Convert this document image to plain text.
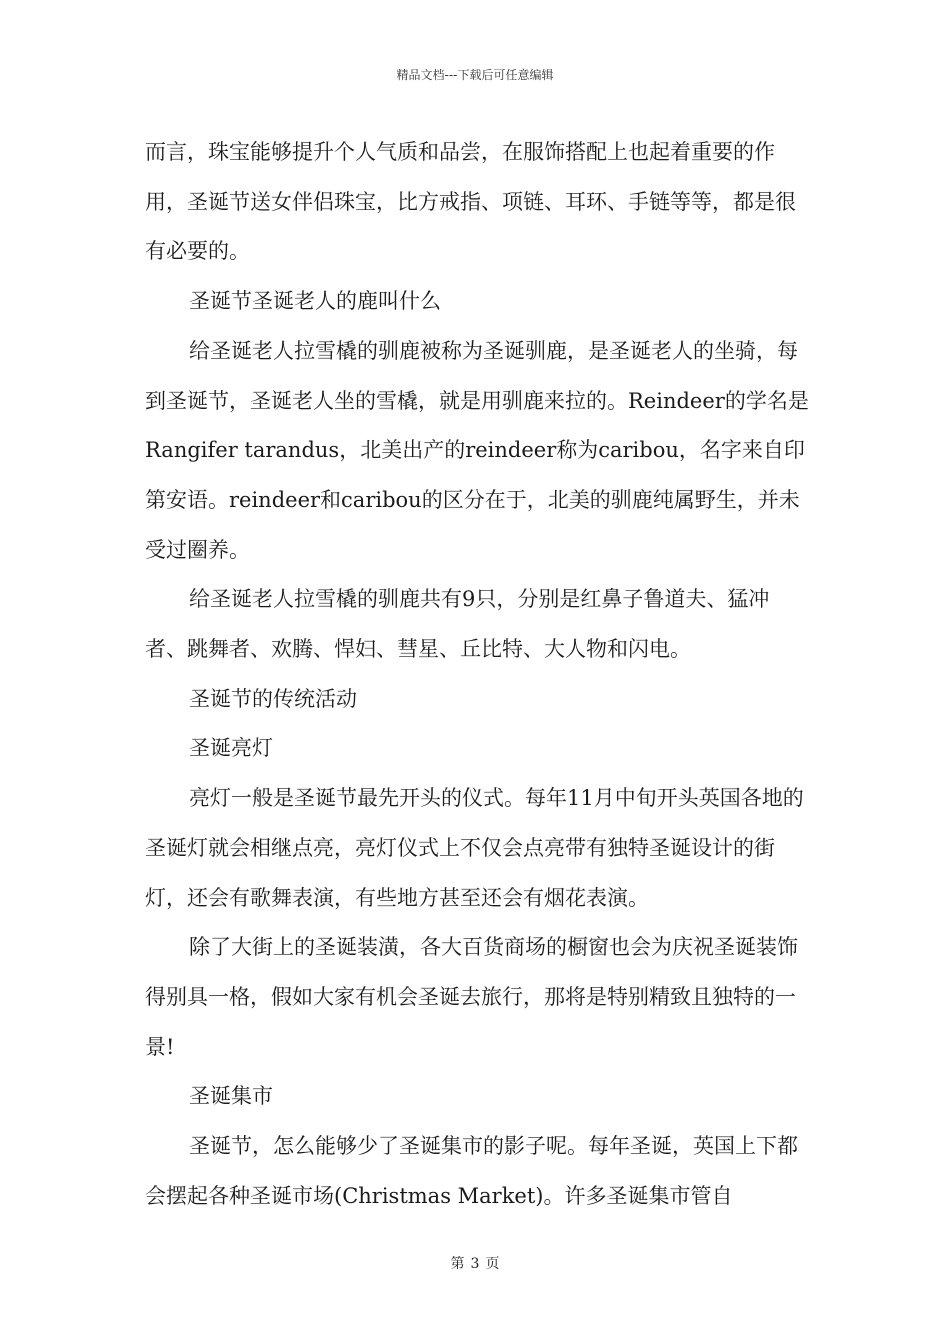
精品文档---下载后可任意编辑

而言，珠宝能够提升个人气质和品尝，在服饰搭配上也起着重要的作用，圣诞节送女伴侣珠宝，比方戒指、项链、耳环、手链等等，都是很有必要的。

圣诞节圣诞老人的鹿叫什么

给圣诞老人拉雪橇的驯鹿被称为圣诞驯鹿，是圣诞老人的坐骑，每到圣诞节，圣诞老人坐的雪橇，就是用驯鹿来拉的。Reindeer的学名是Rangifer tarandus，北美出产的reindeer称为caribou，名字来自印第安语。reindeer和caribou的区分在于，北美的驯鹿纯属野生，并未受过圈养。

给圣诞老人拉雪橇的驯鹿共有9只，分别是红鼻子鲁道夫、猛冲者、跳舞者、欢腾、悍妇、彗星、丘比特、大人物和闪电。

圣诞节的传统活动

圣诞亮灯

亮灯一般是圣诞节最先开头的仪式。每年11月中旬开头英国各地的圣诞灯就会相继点亮，亮灯仪式上不仅会点亮带有独特圣诞设计的街灯，还会有歌舞表演，有些地方甚至还会有烟花表演。

除了大街上的圣诞装潢，各大百货商场的橱窗也会为庆祝圣诞装饰得别具一格，假如大家有机会圣诞去旅行，那将是特别精致且独特的一景!

圣诞集市

圣诞节，怎么能够少了圣诞集市的影子呢。每年圣诞，英国上下都会摆起各种圣诞市场(Christmas Market)。许多圣诞集市管自

第 3 页
